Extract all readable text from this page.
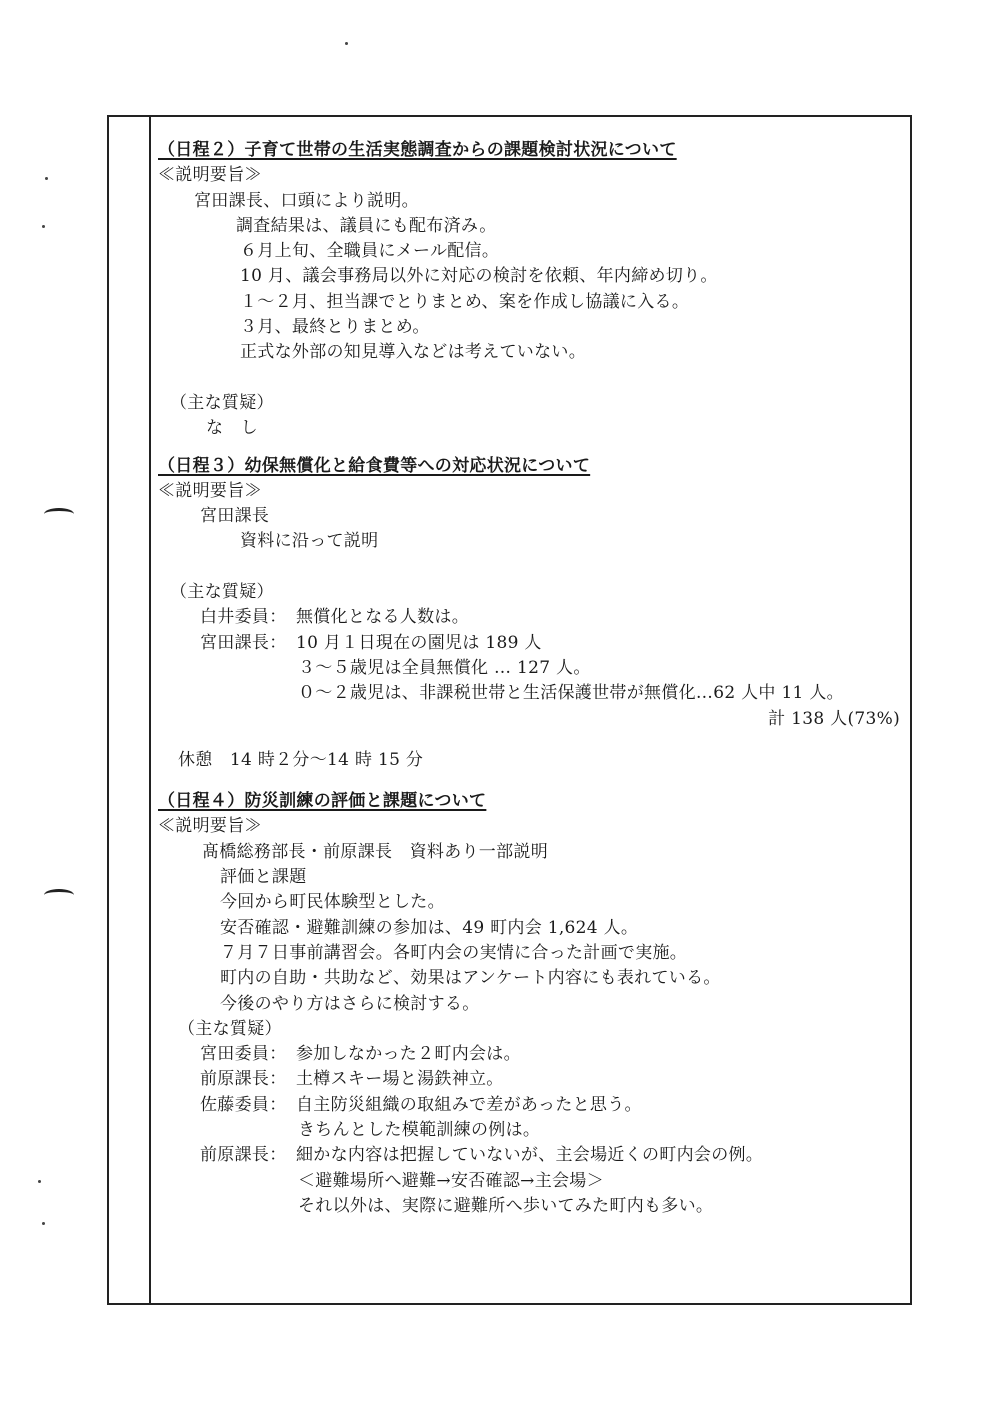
（日程２）子育て世帯の生活実態調査からの課題検討状況について
≪説明要旨≫
宮田課長、口頭により説明。
調査結果は、議員にも配布済み。
６月上旬、全職員にメール配信。
10 月、議会事務局以外に対応の検討を依頼、年内締め切り。
１～２月、担当課でとりまとめ、案を作成し協議に入る。
３月、最終とりまとめ。
正式な外部の知見導入などは考えていない。
（主な質疑）
な　し
（日程３）幼保無償化と給食費等への対応状況について
≪説明要旨≫
宮田課長
資料に沿って説明
（主な質疑）
白井委員： 無償化となる人数は。
宮田課長： 10 月１日現在の園児は 189 人
３～５歳児は全員無償化 … 127 人。
０～２歳児は、非課税世帯と生活保護世帯が無償化…62 人中 11 人。
計 138 人(73%)
休憩　14 時２分～14 時 15 分
（日程４）防災訓練の評価と課題について
≪説明要旨≫
髙橋総務部長・前原課長　資料あり一部説明
評価と課題
今回から町民体験型とした。
安否確認・避難訓練の参加は、49 町内会 1,624 人。
７月７日事前講習会。各町内会の実情に合った計画で実施。
町内の自助・共助など、効果はアンケート内容にも表れている。
今後のやり方はさらに検討する。
（主な質疑）
宮田委員： 参加しなかった２町内会は。
前原課長： 土樽スキー場と湯鉄神立。
佐藤委員： 自主防災組織の取組みで差があったと思う。
きちんとした模範訓練の例は。
前原課長： 細かな内容は把握していないが、主会場近くの町内会の例。
＜避難場所へ避難→安否確認→主会場＞
それ以外は、実際に避難所へ歩いてみた町内も多い。
